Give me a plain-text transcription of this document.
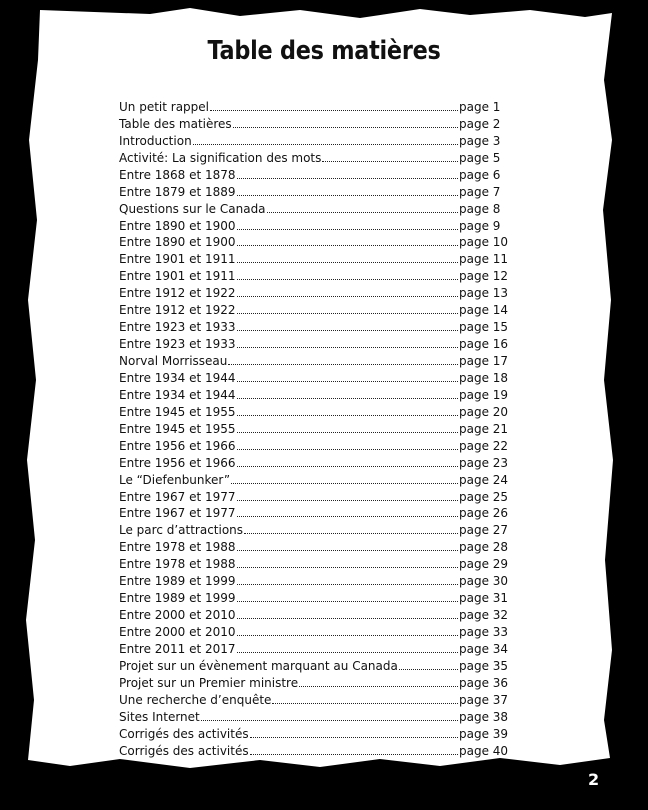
Table des matières
Un petit rappel	page 1
Table des matières	page 2
Introduction	page 3
Activité: La signification des mots	page 5
Entre 1868 et 1878	page 6
Entre 1879 et 1889	page 7
Questions sur le Canada	page 8
Entre 1890 et 1900	page 9
Entre 1890 et 1900	page 10
Entre 1901 et 1911	page 11
Entre 1901 et 1911	page 12
Entre 1912 et 1922	page 13
Entre 1912 et 1922	page 14
Entre 1923 et 1933	page 15
Entre 1923 et 1933	page 16
Norval Morrisseau	page 17
Entre 1934 et 1944	page 18
Entre 1934 et 1944	page 19
Entre 1945 et 1955	page 20
Entre 1945 et 1955	page 21
Entre 1956 et 1966	page 22
Entre 1956 et 1966	page 23
Le “Diefenbunker”	page 24
Entre 1967 et 1977	page 25
Entre 1967 et 1977	page 26
Le parc d’attractions	page 27
Entre 1978 et 1988	page 28
Entre 1978 et 1988	page 29
Entre 1989 et 1999	page 30
Entre 1989 et 1999	page 31
Entre 2000 et 2010	page 32
Entre 2000 et 2010	page 33
Entre 2011 et 2017	page 34
Projet sur un évènement marquant au Canada	page 35
Projet sur un Premier ministre	page 36
Une recherche d’enquête	page 37
Sites Internet	page 38
Corrigés des activités	page 39
Corrigés des activités	page 40
2
